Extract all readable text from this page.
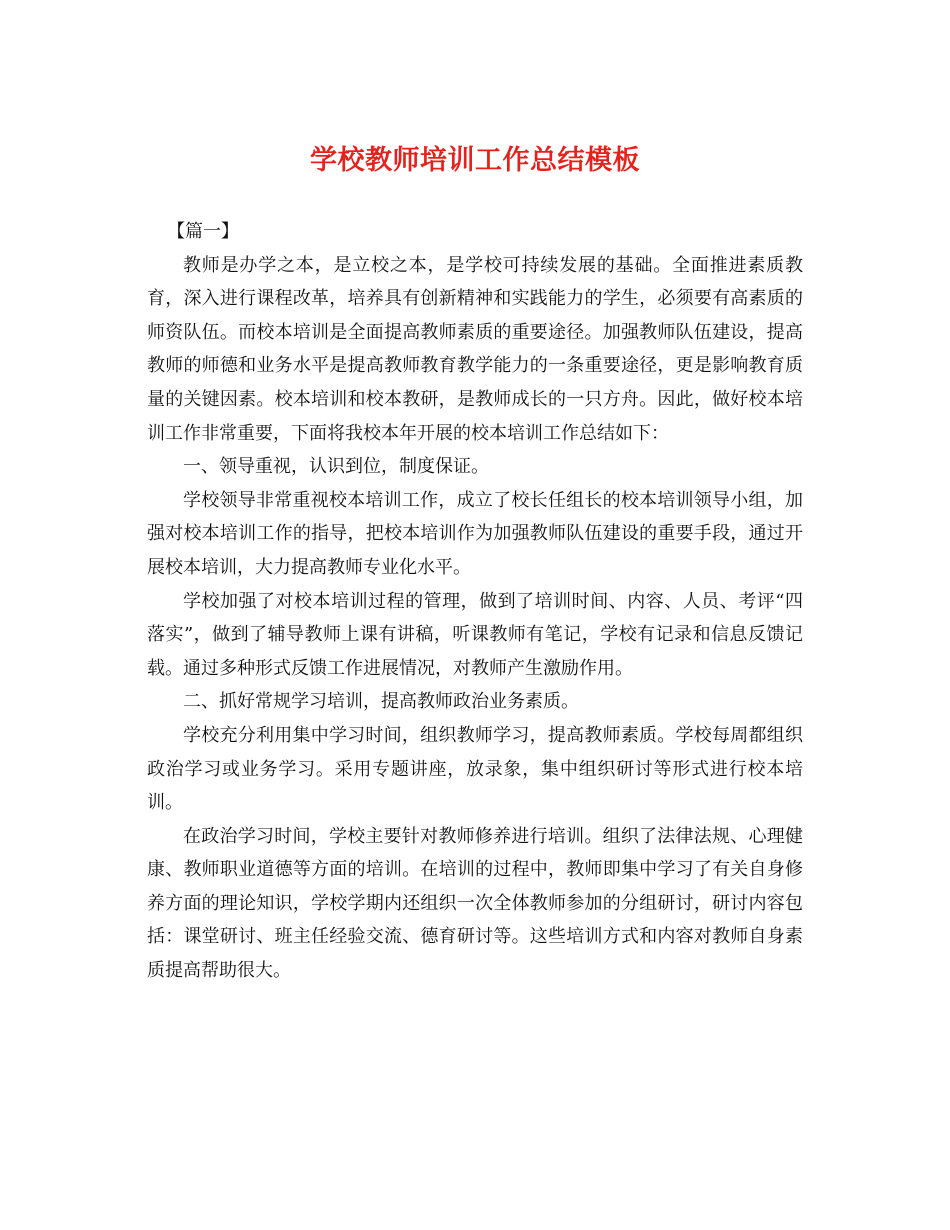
学校教师培训工作总结模板

【篇一】

教师是办学之本，是立校之本，是学校可持续发展的基础。全面推进素质教育，深入进行课程改革，培养具有创新精神和实践能力的学生，必须要有高素质的师资队伍。而校本培训是全面提高教师素质的重要途径。加强教师队伍建设，提高教师的师德和业务水平是提高教师教育教学能力的一条重要途径，更是影响教育质量的关键因素。校本培训和校本教研，是教师成长的一只方舟。因此，做好校本培训工作非常重要，下面将我校本年开展的校本培训工作总结如下：

一、领导重视，认识到位，制度保证。

学校领导非常重视校本培训工作，成立了校长任组长的校本培训领导小组，加强对校本培训工作的指导，把校本培训作为加强教师队伍建设的重要手段，通过开展校本培训，大力提高教师专业化水平。

学校加强了对校本培训过程的管理，做到了培训时间、内容、人员、考评“四落实”，做到了辅导教师上课有讲稿，听课教师有笔记，学校有记录和信息反馈记载。通过多种形式反馈工作进展情况，对教师产生激励作用。

二、抓好常规学习培训，提高教师政治业务素质。

学校充分利用集中学习时间，组织教师学习，提高教师素质。学校每周都组织政治学习或业务学习。采用专题讲座，放录象，集中组织研讨等形式进行校本培训。

在政治学习时间，学校主要针对教师修养进行培训。组织了法律法规、心理健康、教师职业道德等方面的培训。在培训的过程中，教师即集中学习了有关自身修养方面的理论知识，学校学期内还组织一次全体教师参加的分组研讨，研讨内容包括：课堂研讨、班主任经验交流、德育研讨等。这些培训方式和内容对教师自身素质提高帮助很大。
